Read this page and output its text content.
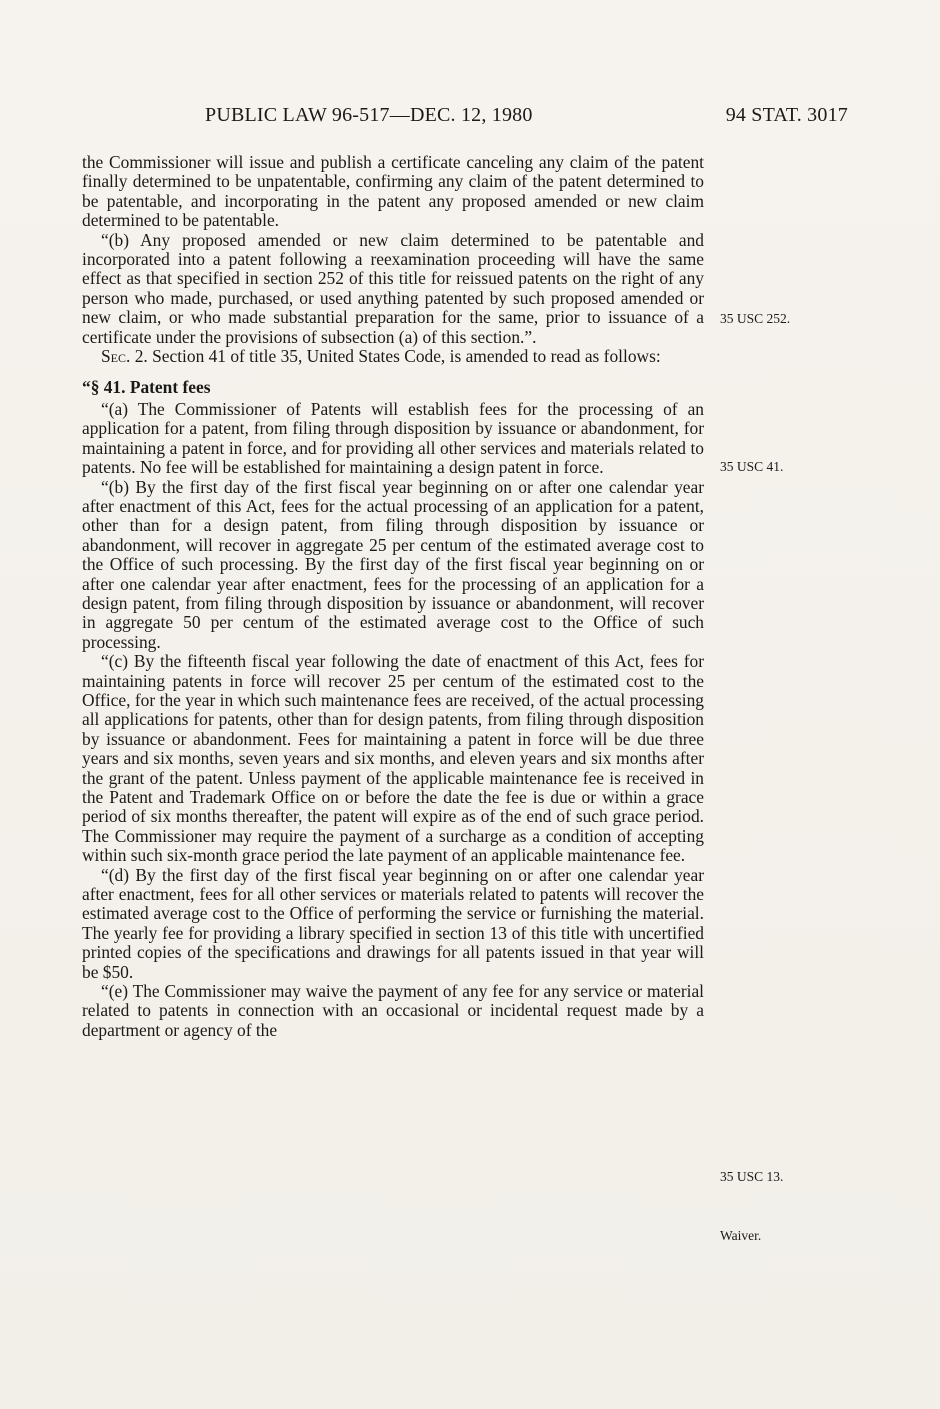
PUBLIC LAW 96-517—DEC. 12, 1980	94 STAT. 3017

the Commissioner will issue and publish a certificate canceling any claim of the patent finally determined to be unpatentable, confirming any claim of the patent determined to be patentable, and incorporating in the patent any proposed amended or new claim determined to be patentable.

“(b) Any proposed amended or new claim determined to be patentable and incorporated into a patent following a reexamination proceeding will have the same effect as that specified in section 252 of this title for reissued patents on the right of any person who made, purchased, or used anything patented by such proposed amended or new claim, or who made substantial preparation for the same, prior to issuance of a certificate under the provisions of subsection (a) of this section.”.

Sec. 2. Section 41 of title 35, United States Code, is amended to read as follows:

“§ 41. Patent fees

“(a) The Commissioner of Patents will establish fees for the processing of an application for a patent, from filing through disposition by issuance or abandonment, for maintaining a patent in force, and for providing all other services and materials related to patents. No fee will be established for maintaining a design patent in force.

“(b) By the first day of the first fiscal year beginning on or after one calendar year after enactment of this Act, fees for the actual processing of an application for a patent, other than for a design patent, from filing through disposition by issuance or abandonment, will recover in aggregate 25 per centum of the estimated average cost to the Office of such processing. By the first day of the first fiscal year beginning on or after one calendar year after enactment, fees for the processing of an application for a design patent, from filing through disposition by issuance or abandonment, will recover in aggregate 50 per centum of the estimated average cost to the Office of such processing.

“(c) By the fifteenth fiscal year following the date of enactment of this Act, fees for maintaining patents in force will recover 25 per centum of the estimated cost to the Office, for the year in which such maintenance fees are received, of the actual processing all applications for patents, other than for design patents, from filing through disposition by issuance or abandonment. Fees for maintaining a patent in force will be due three years and six months, seven years and six months, and eleven years and six months after the grant of the patent. Unless payment of the applicable maintenance fee is received in the Patent and Trademark Office on or before the date the fee is due or within a grace period of six months thereafter, the patent will expire as of the end of such grace period. The Commissioner may require the payment of a surcharge as a condition of accepting within such six-month grace period the late payment of an applicable maintenance fee.

“(d) By the first day of the first fiscal year beginning on or after one calendar year after enactment, fees for all other services or materials related to patents will recover the estimated average cost to the Office of performing the service or furnishing the material. The yearly fee for providing a library specified in section 13 of this title with uncertified printed copies of the specifications and drawings for all patents issued in that year will be $50.

“(e) The Commissioner may waive the payment of any fee for any service or material related to patents in connection with an occasional or incidental request made by a department or agency of the

35 USC 252.
35 USC 41.
35 USC 13.
Waiver.
